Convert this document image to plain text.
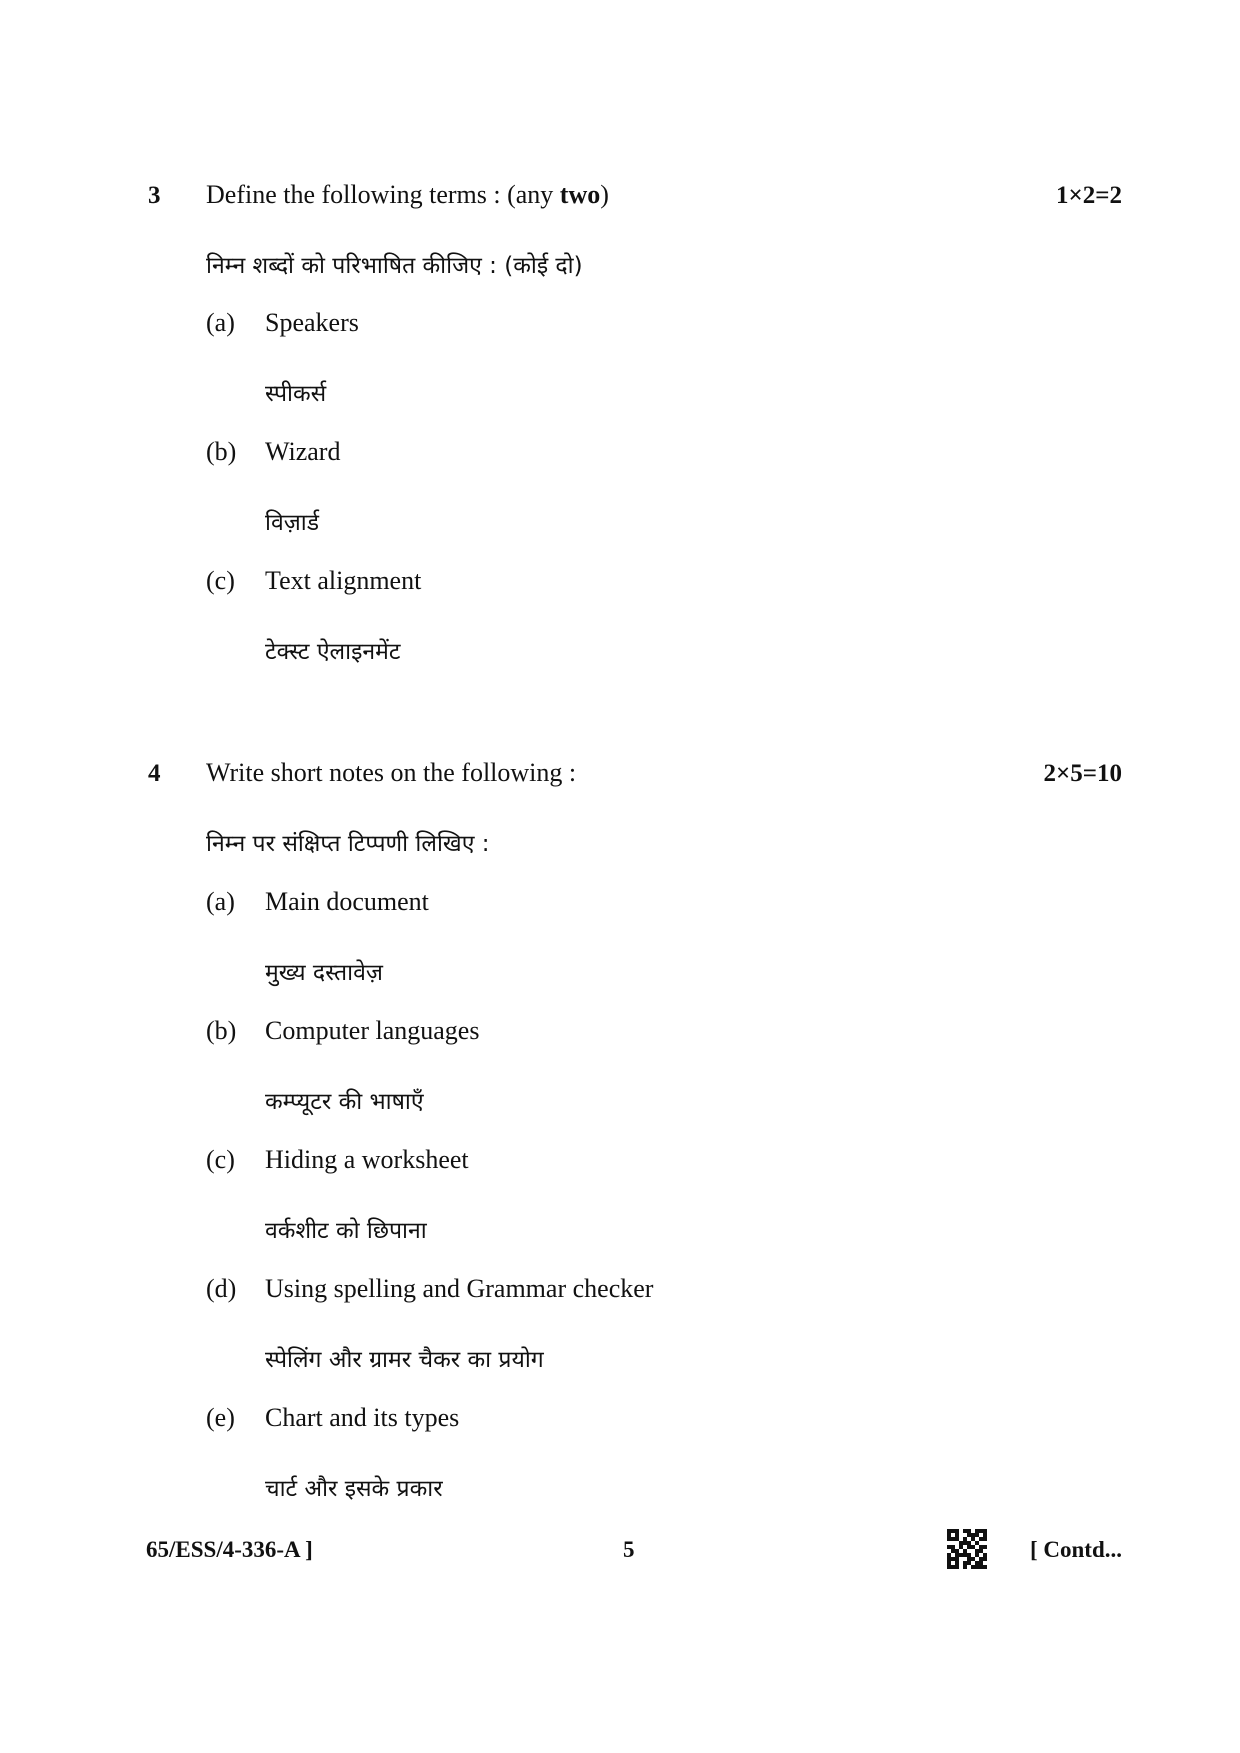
3 Define the following terms : (any two)	1×2=2
निम्न शब्दों को परिभाषित कीजिए : (कोई दो)
(a) Speakers
स्पीकर्स
(b) Wizard
विज़ार्ड
(c) Text alignment
टेक्स्ट ऐलाइनमेंट
4 Write short notes on the following :	2×5=10
निम्न पर संक्षिप्त टिप्पणी लिखिए :
(a) Main document
मुख्य दस्तावेज़
(b) Computer languages
कम्प्यूटर की भाषाएँ
(c) Hiding a worksheet
वर्कशीट को छिपाना
(d) Using spelling and Grammar checker
स्पेलिंग और ग्रामर चैकर का प्रयोग
(e) Chart and its types
चार्ट और इसके प्रकार
65/ESS/4-336-A ]	5	[ Contd...
